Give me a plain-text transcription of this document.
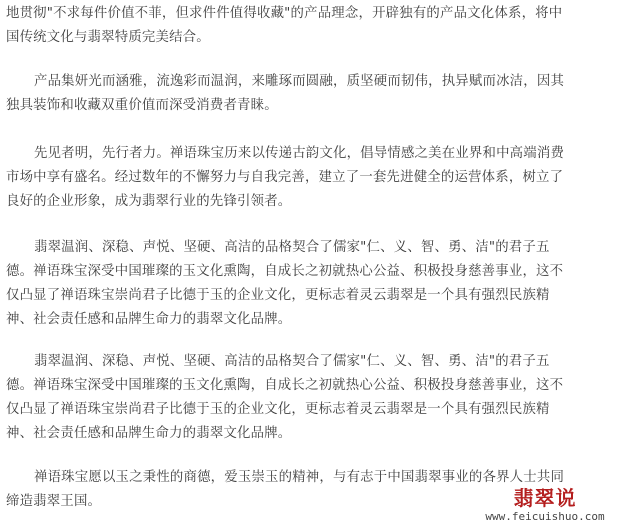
地贯彻"不求每件价值不菲，但求件件值得收藏"的产品理念，开辟独有的产品文化体系，将中
国传统文化与翡翠特质完美结合。

产品集妍光而涵雅，流逸彩而温润，来雕琢而圆融，质坚硬而韧伟，执异赋而冰洁，因其
独具装饰和收藏双重价值而深受消费者青睐。

先见者明，先行者力。禅语珠宝历来以传递古韵文化，倡导情感之美在业界和中高端消费
市场中享有盛名。经过数年的不懈努力与自我完善，建立了一套先进健全的运营体系，树立了
良好的企业形象，成为翡翠行业的先锋引领者。

翡翠温润、深稳、声悦、坚硬、高洁的品格契合了儒家"仁、义、智、勇、洁"的君子五
德。禅语珠宝深受中国璀璨的玉文化熏陶，自成长之初就热心公益、积极投身慈善事业，这不
仅凸显了禅语珠宝崇尚君子比德于玉的企业文化，更标志着灵云翡翠是一个具有强烈民族精
神、社会责任感和品牌生命力的翡翠文化品牌。

翡翠温润、深稳、声悦、坚硬、高洁的品格契合了儒家"仁、义、智、勇、洁"的君子五
德。禅语珠宝深受中国璀璨的玉文化熏陶，自成长之初就热心公益、积极投身慈善事业，这不
仅凸显了禅语珠宝崇尚君子比德于玉的企业文化，更标志着灵云翡翠是一个具有强烈民族精
神、社会责任感和品牌生命力的翡翠文化品牌。

禅语珠宝愿以玉之秉性的商德，爱玉崇玉的精神，与有志于中国翡翠事业的各界人士共同
缔造翡翠王国。	翡翠说
www.feicuishuo.com
